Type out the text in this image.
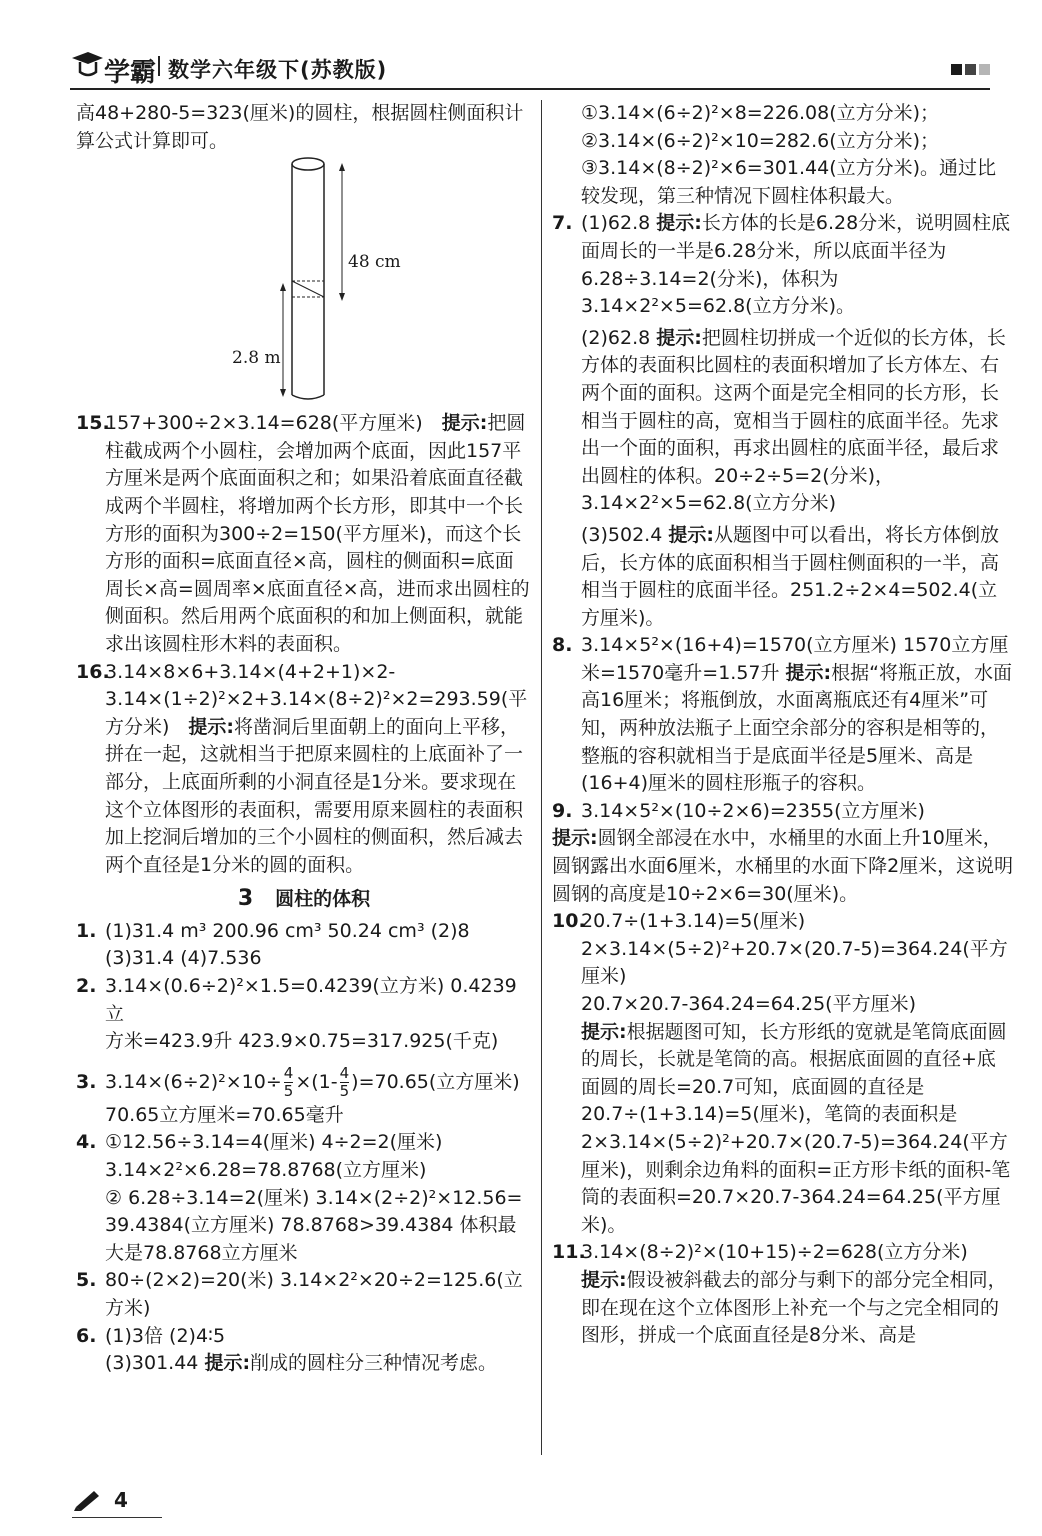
学霸 数学六年级下(苏教版)

高48+280-5=323(厘米)的圆柱，根据圆柱侧面积计算公式计算即可。

48 cm
2.8 m

15.157+300÷2×3.14=628(平方厘米)  提示:把圆柱截成两个小圆柱，会增加两个底面，因此157平方厘米是两个底面面积之和；如果沿着底面直径截成两个半圆柱，将增加两个长方形，即其中一个长方形的面积为300÷2=150(平方厘米)，而这个长方形的面积=底面直径×高，圆柱的侧面积=底面周长×高=圆周率×底面直径×高，进而求出圆柱的侧面积。然后用两个底面积的和加上侧面积，就能求出该圆柱形木料的表面积。

16.3.14×8×6+3.14×(4+2+1)×2-3.14×(1÷2)²×2+3.14×(8÷2)²×2=293.59(平方分米)  提示:将凿洞后里面朝上的面向上平移，拼在一起，这就相当于把原来圆柱的上底面补了一部分，上底面所剩的小洞直径是1分米。要求现在这个立体图形的表面积，需要用原来圆柱的表面积加上挖洞后增加的三个小圆柱的侧面积，然后减去两个直径是1分米的圆的面积。

3 圆柱的体积
1. (1)31.4 m³ 200.96 cm³ 50.24 cm³ (2)8
(3)31.4 (4)7.536
2. 3.14×(0.6÷2)²×1.5=0.4239(立方米) 0.4239立
方米=423.9升 423.9×0.75=317.925(千克)
3. $3.14\times(6\div 2)^2\times 10\div \frac{4}{5} \times(1- \frac{4}{5} )=70.65$(立方厘米)
70.65立方厘米=70.65毫升
4. ①12.56÷3.14=4(厘米) 4÷2=2(厘米)
3.14×2²×6.28=78.8768(立方厘米)
② 6.28÷3.14=2(厘米) 3.14×(2÷2)²×12.56=
39.4384(立方厘米) 78.8768>39.4384 体积最
大是78.8768立方厘米
5. 80÷(2×2)=20(米) 3.14×2²×20÷2=125.6(立
方米)
6. (1)3倍 (2)4∶5
(3)301.44 提示:削成的圆柱分三种情况考虑。

①3.14×(6÷2)²×8=226.08(立方分米)；②3.14×(6÷2)²×10=282.6(立方分米)；③3.14×(8÷2)²×6=301.44(立方分米)。通过比较发现，第三种情况下圆柱体积最大。

7. (1)62.8 提示:长方体的长是6.28分米，说明圆柱底面周长的一半是6.28分米，所以底面半径为6.28÷3.14=2(分米)，体积为3.14×2²×5=62.8(立方分米)。

(2)62.8 提示:把圆柱切拼成一个近似的长方体，长方体的表面积比圆柱的表面积增加了长方体左、右两个面的面积。这两个面是完全相同的长方形，长相当于圆柱的高，宽相当于圆柱的底面半径。先求出一个面的面积，再求出圆柱的底面半径，最后求出圆柱的体积。20÷2÷5=2(分米)，3.14×2²×5=62.8(立方分米)

(3)502.4 提示:从题图中可以看出，将长方体倒放后，长方体的底面积相当于圆柱侧面积的一半，高相当于圆柱的底面半径。251.2÷2×4=502.4(立方厘米)。

8. 3.14×5²×(16+4)=1570(立方厘米) 1570立方厘米=1570毫升=1.57升 提示:根据“将瓶正放，水面高16厘米；将瓶倒放，水面离瓶底还有4厘米”可知，两种放法瓶子上面空余部分的容积是相等的，整瓶的容积就相当于是底面半径是5厘米、高是(16+4)厘米的圆柱形瓶子的容积。

9. 3.14×5²×(10÷2×6)=2355(立方厘米)

提示:圆钢全部浸在水中，水桶里的水面上升10厘米，圆钢露出水面6厘米，水桶里的水面下降2厘米，这说明圆钢的高度是10÷2×6=30(厘米)。

10.20.7÷(1+3.14)=5(厘米)
2×3.14×(5÷2)²+20.7×(20.7-5)=364.24(平方厘米)
20.7×20.7-364.24=64.25(平方厘米)

提示:根据题图可知，长方形纸的宽就是笔筒底面圆的周长，长就是笔筒的高。根据底面圆的直径+底面圆的周长=20.7可知，底面圆的直径是20.7÷(1+3.14)=5(厘米)，笔筒的表面积是2×3.14×(5÷2)²+20.7×(20.7-5)=364.24(平方厘米)，则剩余边角料的面积=正方形卡纸的面积-笔筒的表面积=20.7×20.7-364.24=64.25(平方厘米)。

11.3.14×(8÷2)²×(10+15)÷2=628(立方分米)

提示:假设被斜截去的部分与剩下的部分完全相同，即在现在这个立体图形上补充一个与之完全相同的图形，拼成一个底面直径是8分米、高是

4
